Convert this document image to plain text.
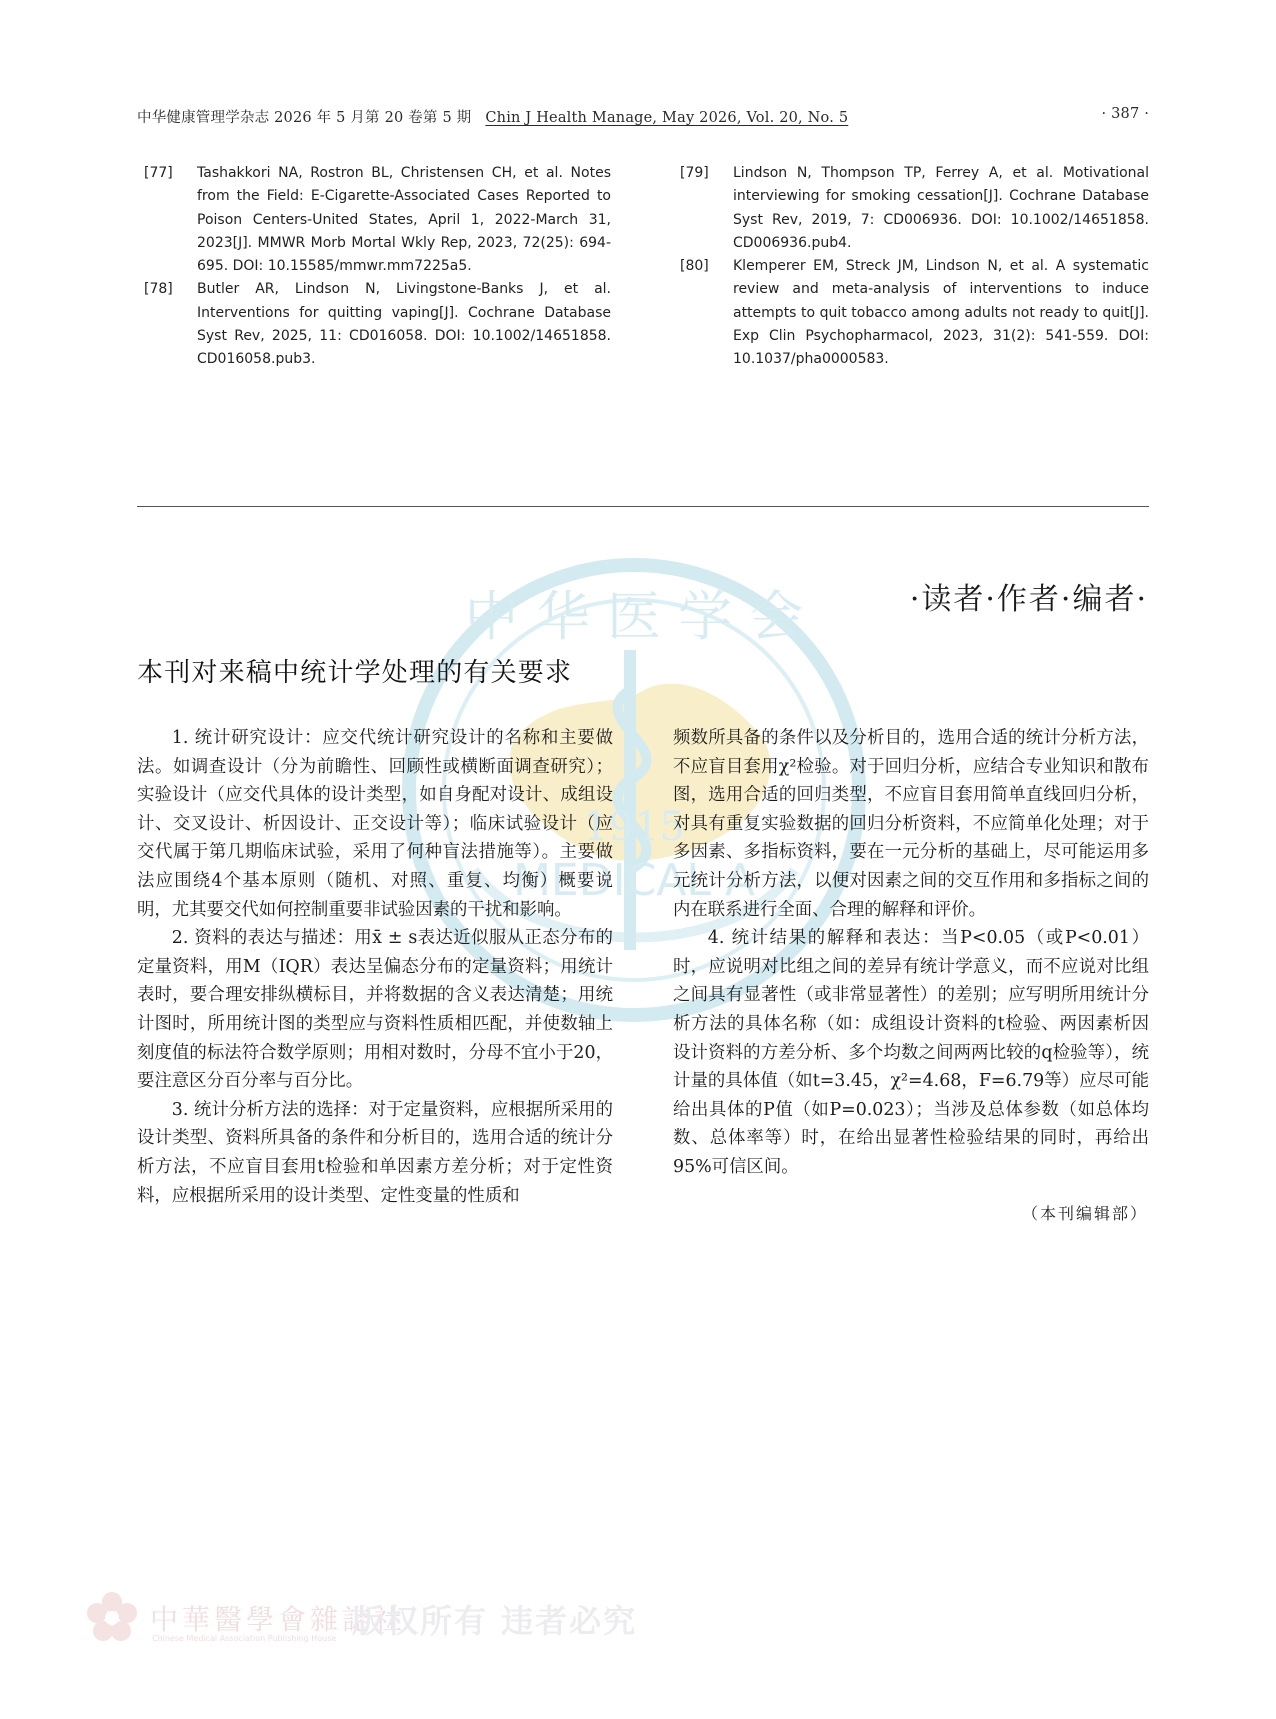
中华健康管理学杂志 2026 年 5 月第 20 卷第 5 期 Chin J Health Manage, May 2026, Vol. 20, No. 5	· 387 ·
[77] Tashakkori NA, Rostron BL, Christensen CH, et al. Notes from the Field: E-Cigarette-Associated Cases Reported to Poison Centers-United States, April 1, 2022-March 31, 2023[J]. MMWR Morb Mortal Wkly Rep, 2023, 72(25): 694-695. DOI: 10.15585/mmwr.mm7225a5.
[78] Butler AR, Lindson N, Livingstone-Banks J, et al. Interventions for quitting vaping[J]. Cochrane Database Syst Rev, 2025, 11: CD016058. DOI: 10.1002/14651858. CD016058.pub3.
[79] Lindson N, Thompson TP, Ferrey A, et al. Motivational interviewing for smoking cessation[J]. Cochrane Database Syst Rev, 2019, 7: CD006936. DOI: 10.1002/14651858. CD006936.pub4.
[80] Klemperer EM, Streck JM, Lindson N, et al. A systematic review and meta-analysis of interventions to induce attempts to quit tobacco among adults not ready to quit[J]. Exp Clin Psychopharmacol, 2023, 31(2): 541-559. DOI: 10.1037/pha0000583.
中 华 医 学 会
1915
MEDICAL A
·读者·作者·编者·
本刊对来稿中统计学处理的有关要求

1. 统计研究设计：应交代统计研究设计的名称和主要做法。如调查设计（分为前瞻性、回顾性或横断面调查研究）；实验设计（应交代具体的设计类型，如自身配对设计、成组设计、交叉设计、析因设计、正交设计等）；临床试验设计（应交代属于第几期临床试验，采用了何种盲法措施等）。主要做法应围绕4个基本原则（随机、对照、重复、均衡）概要说明，尤其要交代如何控制重要非试验因素的干扰和影响。

2. 资料的表达与描述：用x̄ ± s表达近似服从正态分布的定量资料，用M（IQR）表达呈偏态分布的定量资料；用统计表时，要合理安排纵横标目，并将数据的含义表达清楚；用统计图时，所用统计图的类型应与资料性质相匹配，并使数轴上刻度值的标法符合数学原则；用相对数时，分母不宜小于20，要注意区分百分率与百分比。

3. 统计分析方法的选择：对于定量资料，应根据所采用的设计类型、资料所具备的条件和分析目的，选用合适的统计分析方法，不应盲目套用t检验和单因素方差分析；对于定性资料，应根据所采用的设计类型、定性变量的性质和

频数所具备的条件以及分析目的，选用合适的统计分析方法，不应盲目套用χ²检验。对于回归分析，应结合专业知识和散布图，选用合适的回归类型，不应盲目套用简单直线回归分析，对具有重复实验数据的回归分析资料，不应简单化处理；对于多因素、多指标资料，要在一元分析的基础上，尽可能运用多元统计分析方法，以便对因素之间的交互作用和多指标之间的内在联系进行全面、合理的解释和评价。

4. 统计结果的解释和表达：当P<0.05（或P<0.01）时，应说明对比组之间的差异有统计学意义，而不应说对比组之间具有显著性（或非常显著性）的差别；应写明所用统计分析方法的具体名称（如：成组设计资料的t检验、两因素析因设计资料的方差分析、多个均数之间两两比较的q检验等），统计量的具体值（如t=3.45，χ²=4.68，F=6.79等）应尽可能给出具体的P值（如P=0.023）；当涉及总体参数（如总体均数、总体率等）时，在给出显著性检验结果的同时，再给出95%可信区间。

（本刊编辑部）
中華醫學會雜誌社
Chinese Medical Association Publishing House 版权所有 违者必究
